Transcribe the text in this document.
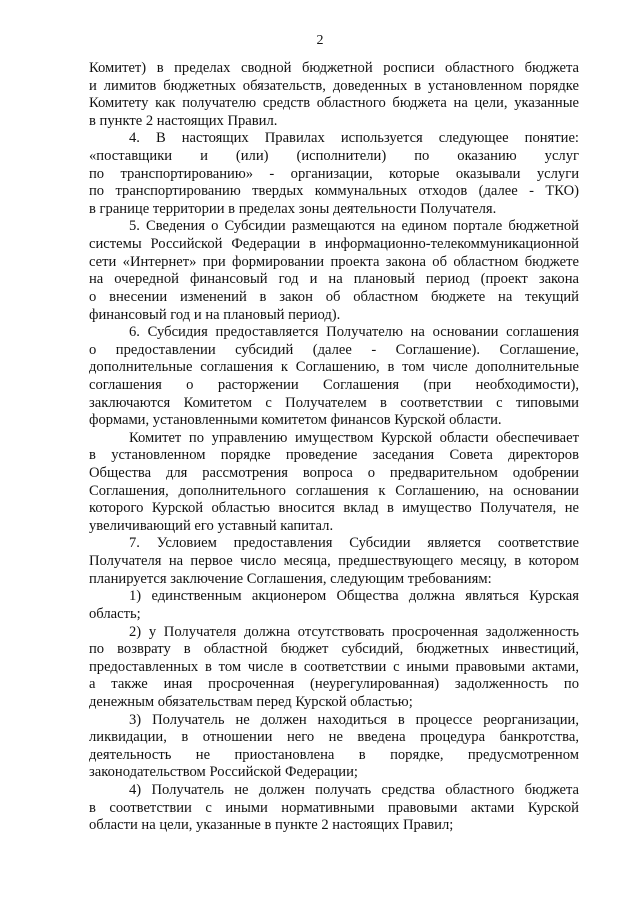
2
Комитет) в пределах сводной бюджетной росписи областного бюджета
и лимитов бюджетных обязательств, доведенных в установленном порядке
Комитету как получателю средств областного бюджета на цели, указанные
в пункте 2 настоящих Правил.
4. В настоящих Правилах используется следующее понятие:
«поставщики и (или) (исполнители) по оказанию услуг
по транспортированию» - организации, которые оказывали услуги
по транспортированию твердых коммунальных отходов (далее - ТКО)
в границе территории в пределах зоны деятельности Получателя.
5. Сведения о Субсидии размещаются на едином портале бюджетной
системы Российской Федерации в информационно-телекоммуникационной
сети «Интернет» при формировании проекта закона об областном бюджете
на очередной финансовый год и на плановый период (проект закона
о внесении изменений в закон об областном бюджете на текущий
финансовый год и на плановый период).
6. Субсидия предоставляется Получателю на основании соглашения
о предоставлении субсидий (далее - Соглашение). Соглашение,
дополнительные соглашения к Соглашению, в том числе дополнительные
соглашения о расторжении Соглашения (при необходимости),
заключаются Комитетом с Получателем в соответствии с типовыми
формами, установленными комитетом финансов Курской области.
Комитет по управлению имуществом Курской области обеспечивает
в установленном порядке проведение заседания Совета директоров
Общества для рассмотрения вопроса о предварительном одобрении
Соглашения, дополнительного соглашения к Соглашению, на основании
которого Курской областью вносится вклад в имущество Получателя, не
увеличивающий его уставный капитал.
7. Условием предоставления Субсидии является соответствие
Получателя на первое число месяца, предшествующего месяцу, в котором
планируется заключение Соглашения, следующим требованиям:
1) единственным акционером Общества должна являться Курская
область;
2) у Получателя должна отсутствовать просроченная задолженность
по возврату в областной бюджет субсидий, бюджетных инвестиций,
предоставленных в том числе в соответствии с иными правовыми актами,
а также иная просроченная (неурегулированная) задолженность по
денежным обязательствам перед Курской областью;
3) Получатель не должен находиться в процессе реорганизации,
ликвидации, в отношении него не введена процедура банкротства,
деятельность не приостановлена в порядке, предусмотренном
законодательством Российской Федерации;
4) Получатель не должен получать средства областного бюджета
в соответствии с иными нормативными правовыми актами Курской
области на цели, указанные в пункте 2 настоящих Правил;
